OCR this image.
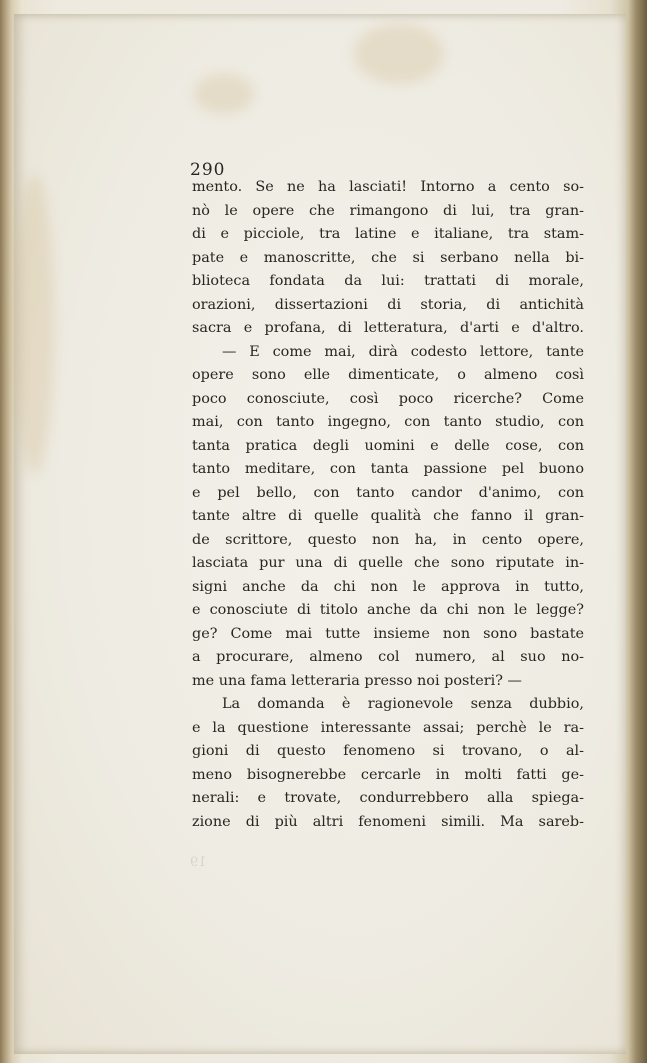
290
mento. Se ne ha lasciati! Intorno a cento so-
nò le opere che rimangono di lui, tra gran-
di e picciole, tra latine e italiane, tra stam-
pate e manoscritte, che si serbano nella bi-
blioteca fondata da lui: trattati di morale,
orazioni, dissertazioni di storia, di antichità
sacra e profana, di letteratura, d'arti e d'altro.
— E come mai, dirà codesto lettore, tante
opere sono elle dimenticate, o almeno così
poco conosciute, così poco ricerche? Come
mai, con tanto ingegno, con tanto studio, con
tanta pratica degli uomini e delle cose, con
tanto meditare, con tanta passione pel buono
e pel bello, con tanto candor d'animo, con
tante altre di quelle qualità che fanno il gran-
de scrittore, questo non ha, in cento opere,
lasciata pur una di quelle che sono riputate in-
signi anche da chi non le approva in tutto,
e conosciute di titolo anche da chi non le legge?
ge? Come mai tutte insieme non sono bastate
a procurare, almeno col numero, al suo no-
me una fama letteraria presso noi posteri? —
La domanda è ragionevole senza dubbio,
e la questione interessante assai; perchè le ra-
gioni di questo fenomeno si trovano, o al-
meno bisognerebbe cercarle in molti fatti ge-
nerali: e trovate, condurrebbero alla spiega-
zione di più altri fenomeni simili. Ma sareb-
19
